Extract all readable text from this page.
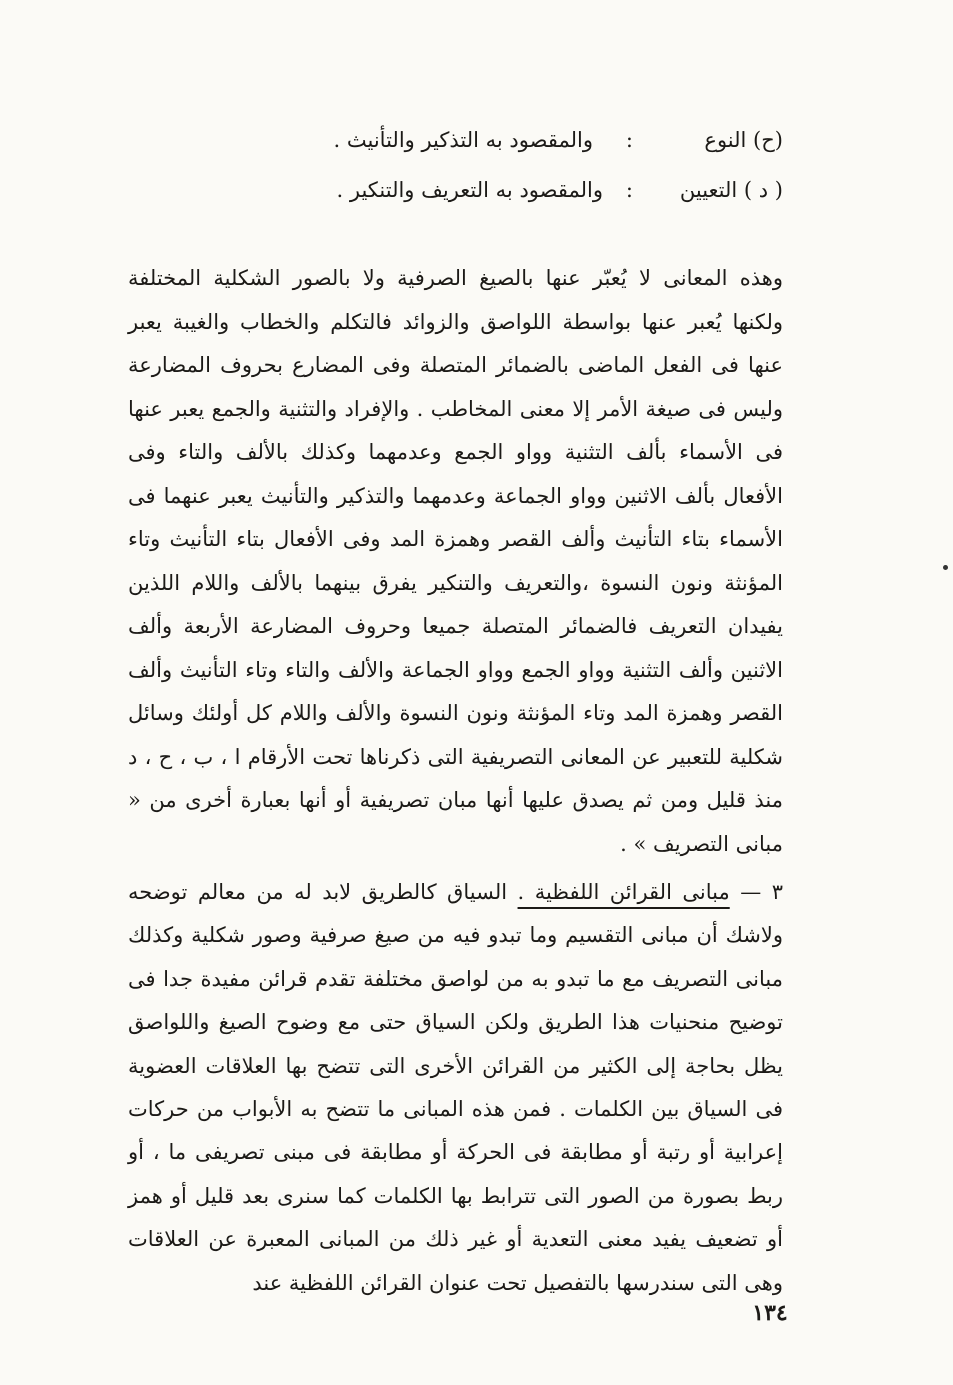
(ح) النوع
:
والمقصود به التذكير والتأنيث .
( د ) التعيين
:
والمقصود به التعريف والتنكير .

وهذه المعانى لا يُعبّر عنها بالصيغ الصرفية ولا بالصور الشكلية المختلفة ولكنها يُعبر عنها بواسطة اللواصق والزوائد فالتكلم والخطاب والغيبة يعبر عنها فى الفعل الماضى بالضمائر المتصلة وفى المضارع بحروف المضارعة وليس فى صيغة الأمر إلا معنى المخاطب . والإفراد والتثنية والجمع يعبر عنها فى الأسماء بألف التثنية وواو الجمع وعدمهما وكذلك بالألف والتاء وفى الأفعال بألف الاثنين وواو الجماعة وعدمهما والتذكير والتأنيث يعبر عنهما فى الأسماء بتاء التأنيث وألف القصر وهمزة المد وفى الأفعال بتاء التأنيث وتاء المؤنثة ونون النسوة ،والتعريف والتنكير يفرق بينهما بالألف واللام اللذين يفيدان التعريف فالضمائر المتصلة جميعا وحروف المضارعة الأربعة وألف الاثنين وألف التثنية وواو الجمع وواو الجماعة والألف والتاء وتاء التأنيث وألف القصر وهمزة المد وتاء المؤنثة ونون النسوة والألف واللام كل أولئك وسائل شكلية للتعبير عن المعانى التصريفية التى ذكرناها تحت الأرقام ا ، ب ، ح ، د منذ قليل ومن ثم يصدق عليها أنها مبان تصريفية أو أنها بعبارة أخرى من « مبانى التصريف » .

٣ — مبانى القرائن اللفظية . السياق كالطريق لابد له من معالم توضحه ولاشك أن مبانى التقسيم وما تبدو فيه من صيغ صرفية وصور شكلية وكذلك مبانى التصريف مع ما تبدو به من لواصق مختلفة تقدم قرائن مفيدة جدا فى توضيح منحنيات هذا الطريق ولكن السياق حتى مع وضوح الصيغ واللواصق يظل بحاجة إلى الكثير من القرائن الأخرى التى تتضح بها العلاقات العضوية فى السياق بين الكلمات . فمن هذه المبانى ما تتضح به الأبواب من حركات إعرابية أو رتبة أو مطابقة فى الحركة أو مطابقة فى مبنى تصريفى ما ، أو ربط بصورة من الصور التى تترابط بها الكلمات كما سنرى بعد قليل أو همز أو تضعيف يفيد معنى التعدية أو غير ذلك من المبانى المعبرة عن العلاقات وهى التى سندرسها بالتفصيل تحت عنوان القرائن اللفظية عند

١٣٤
